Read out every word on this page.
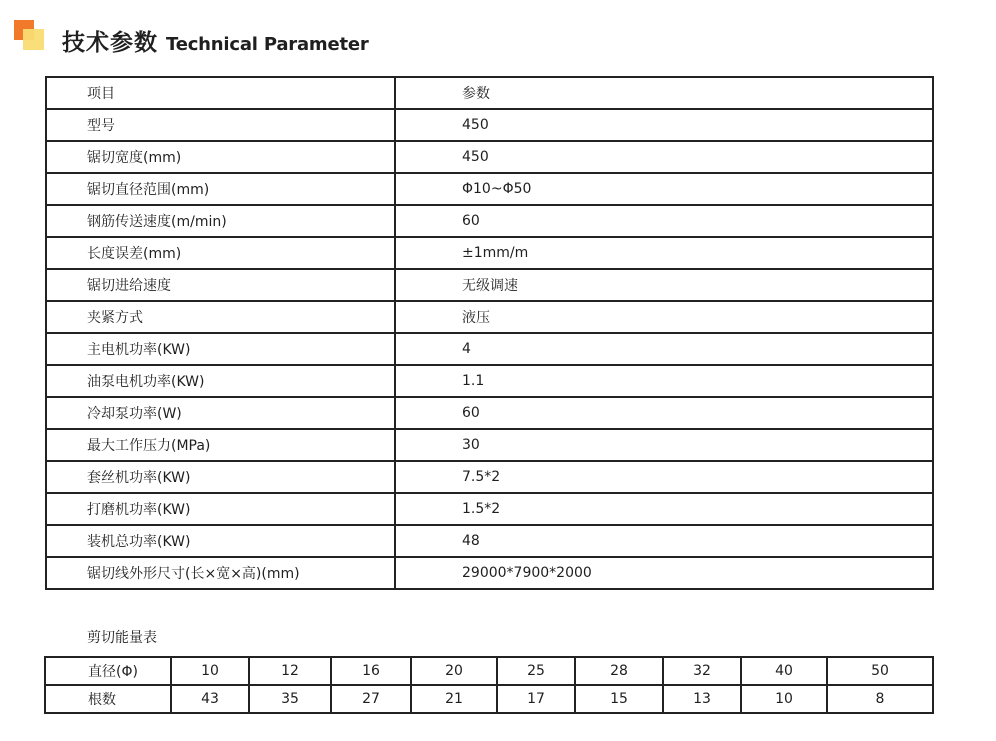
技术参数 Technical Parameter
项目	参数
型号	450
锯切宽度(mm)	450
锯切直径范围(mm)	Φ10~Φ50
钢筋传送速度(m/min)	60
长度误差(mm)	±1mm/m
锯切进给速度	无级调速
夹紧方式	液压
主电机功率(KW)	4
油泵电机功率(KW)	1.1
冷却泵功率(W)	60
最大工作压力(MPa)	30
套丝机功率(KW)	7.5*2
打磨机功率(KW)	1.5*2
装机总功率(KW)	48
锯切线外形尺寸(长×宽×高)(mm)	29000*7900*2000
剪切能量表
直径(Φ)	10	12	16	20	25	28	32	40	50
根数	43	35	27	21	17	15	13	10	8
